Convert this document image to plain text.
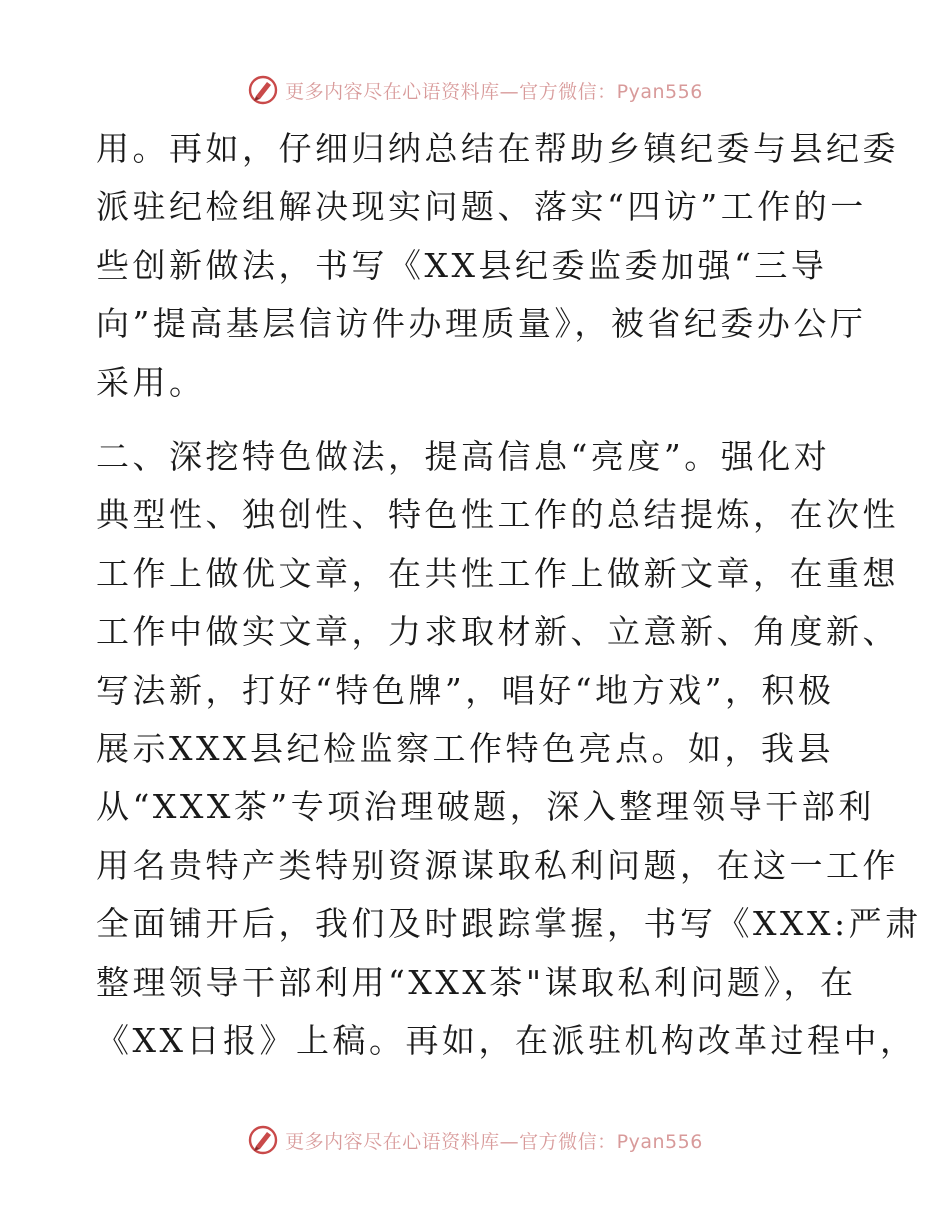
更多内容尽在心语资料库—官方微信：Pyan556

用。再如，仔细归纳总结在帮助乡镇纪委与县纪委
派驻纪检组解决现实问题、落实“四访”工作的一
些创新做法，书写《XX县纪委监委加强“三导
向”提高基层信访件办理质量》，被省纪委办公厅
采用。

二、深挖特色做法，提高信息“亮度”。强化对
典型性、独创性、特色性工作的总结提炼，在次性
工作上做优文章，在共性工作上做新文章，在重想
工作中做实文章，力求取材新、立意新、角度新、
写法新，打好“特色牌”，唱好“地方戏”，积极
展示XXX县纪检监察工作特色亮点。如，我县
从“XXX茶”专项治理破题，深入整理领导干部利
用名贵特产类特别资源谋取私利问题，在这一工作
全面铺开后，我们及时跟踪掌握，书写《XXX:严肃
整理领导干部利用“XXX茶"谋取私利问题》，在
《XX日报》上稿。再如，在派驻机构改革过程中，

更多内容尽在心语资料库—官方微信：Pyan556
